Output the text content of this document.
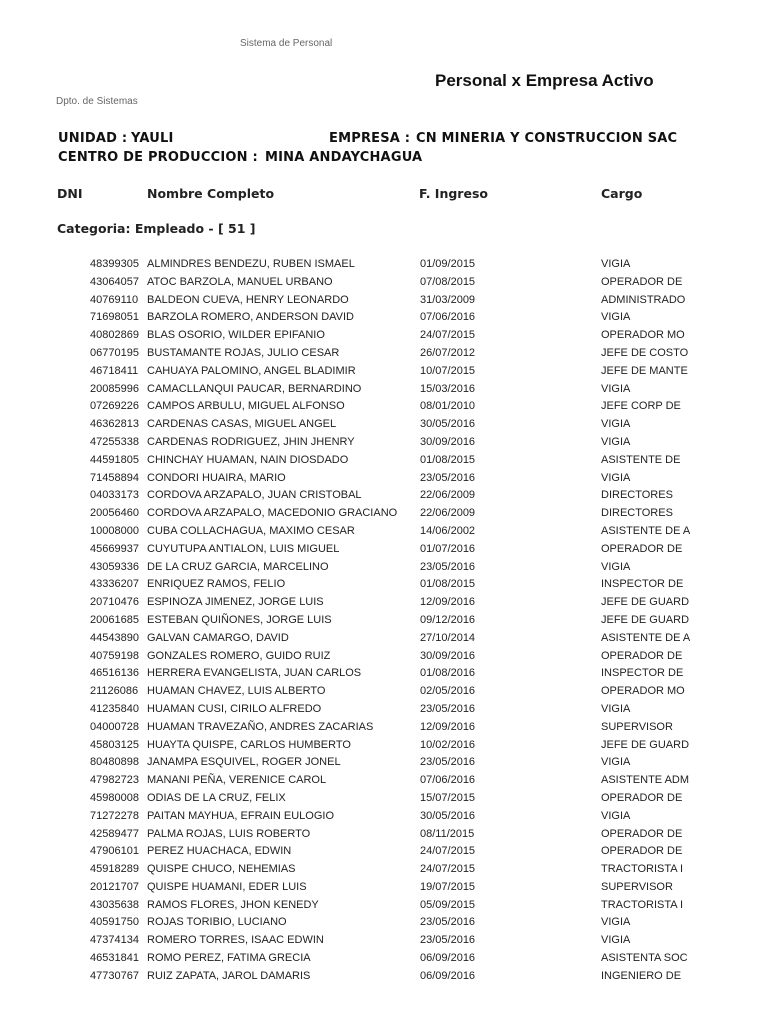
Sistema de Personal
Personal x Empresa Activo
Dpto. de Sistemas
UNIDAD : YAULI	EMPRESA : CN MINERIA Y CONSTRUCCION SAC
CENTRO DE PRODUCCION : MINA ANDAYCHAGUA
DNI	Nombre Completo	F. Ingreso	Cargo
Categoria: Empleado - [ 51 ]
48399305 ALMINDRES BENDEZU, RUBEN ISMAEL	01/09/2015	VIGIA
43064057 ATOC BARZOLA, MANUEL URBANO	07/08/2015	OPERADOR DE
40769110 BALDEON CUEVA, HENRY LEONARDO	31/03/2009	ADMINISTRADO
71698051 BARZOLA ROMERO, ANDERSON DAVID	07/06/2016	VIGIA
40802869 BLAS OSORIO, WILDER EPIFANIO	24/07/2015	OPERADOR MO
06770195 BUSTAMANTE ROJAS, JULIO CESAR	26/07/2012	JEFE DE COSTO
46718411 CAHUAYA PALOMINO, ANGEL BLADIMIR	10/07/2015	JEFE DE MANTE
20085996 CAMACLLANQUI PAUCAR, BERNARDINO	15/03/2016	VIGIA
07269226 CAMPOS ARBULU, MIGUEL ALFONSO	08/01/2010	JEFE CORP DE
46362813 CARDENAS CASAS, MIGUEL ANGEL	30/05/2016	VIGIA
47255338 CARDENAS RODRIGUEZ, JHIN JHENRY	30/09/2016	VIGIA
44591805 CHINCHAY HUAMAN, NAIN DIOSDADO	01/08/2015	ASISTENTE DE
71458894 CONDORI HUAIRA, MARIO	23/05/2016	VIGIA
04033173 CORDOVA ARZAPALO, JUAN CRISTOBAL	22/06/2009	DIRECTORES
20056460 CORDOVA ARZAPALO, MACEDONIO GRACIANO 22/06/2009	DIRECTORES
10008000 CUBA COLLACHAGUA, MAXIMO CESAR	14/06/2002	ASISTENTE DE A
45669937 CUYUTUPA ANTIALON, LUIS MIGUEL	01/07/2016	OPERADOR DE
43059336 DE LA CRUZ GARCIA, MARCELINO	23/05/2016	VIGIA
43336207 ENRIQUEZ RAMOS, FELIO	01/08/2015	INSPECTOR DE
20710476 ESPINOZA JIMENEZ, JORGE LUIS	12/09/2016	JEFE DE GUARD
20061685 ESTEBAN QUIÑONES, JORGE LUIS	09/12/2016	JEFE DE GUARD
44543890 GALVAN CAMARGO, DAVID	27/10/2014	ASISTENTE DE A
40759198 GONZALES ROMERO, GUIDO RUIZ	30/09/2016	OPERADOR DE
46516136 HERRERA EVANGELISTA, JUAN CARLOS	01/08/2016	INSPECTOR DE
21126086 HUAMAN CHAVEZ, LUIS ALBERTO	02/05/2016	OPERADOR MO
41235840 HUAMAN CUSI, CIRILO ALFREDO	23/05/2016	VIGIA
04000728 HUAMAN TRAVEZAÑO, ANDRES ZACARIAS	12/09/2016	SUPERVISOR
45803125 HUAYTA QUISPE, CARLOS HUMBERTO	10/02/2016	JEFE DE GUARD
80480898 JANAMPA ESQUIVEL, ROGER JONEL	23/05/2016	VIGIA
47982723 MANANI PEÑA, VERENICE CAROL	07/06/2016	ASISTENTE ADM
45980008 ODIAS DE LA CRUZ, FELIX	15/07/2015	OPERADOR DE
71272278 PAITAN MAYHUA, EFRAIN EULOGIO	30/05/2016	VIGIA
42589477 PALMA ROJAS, LUIS ROBERTO	08/11/2015	OPERADOR DE
47906101 PEREZ HUACHACA, EDWIN	24/07/2015	OPERADOR DE
45918289 QUISPE CHUCO, NEHEMIAS	24/07/2015	TRACTORISTA I
20121707 QUISPE HUAMANI, EDER LUIS	19/07/2015	SUPERVISOR
43035638 RAMOS FLORES, JHON KENEDY	05/09/2015	TRACTORISTA I
40591750 ROJAS TORIBIO, LUCIANO	23/05/2016	VIGIA
47374134 ROMERO TORRES, ISAAC EDWIN	23/05/2016	VIGIA
46531841 ROMO PEREZ, FATIMA GRECIA	06/09/2016	ASISTENTA SOC
47730767 RUIZ ZAPATA, JAROL DAMARIS	06/09/2016	INGENIERO DE
